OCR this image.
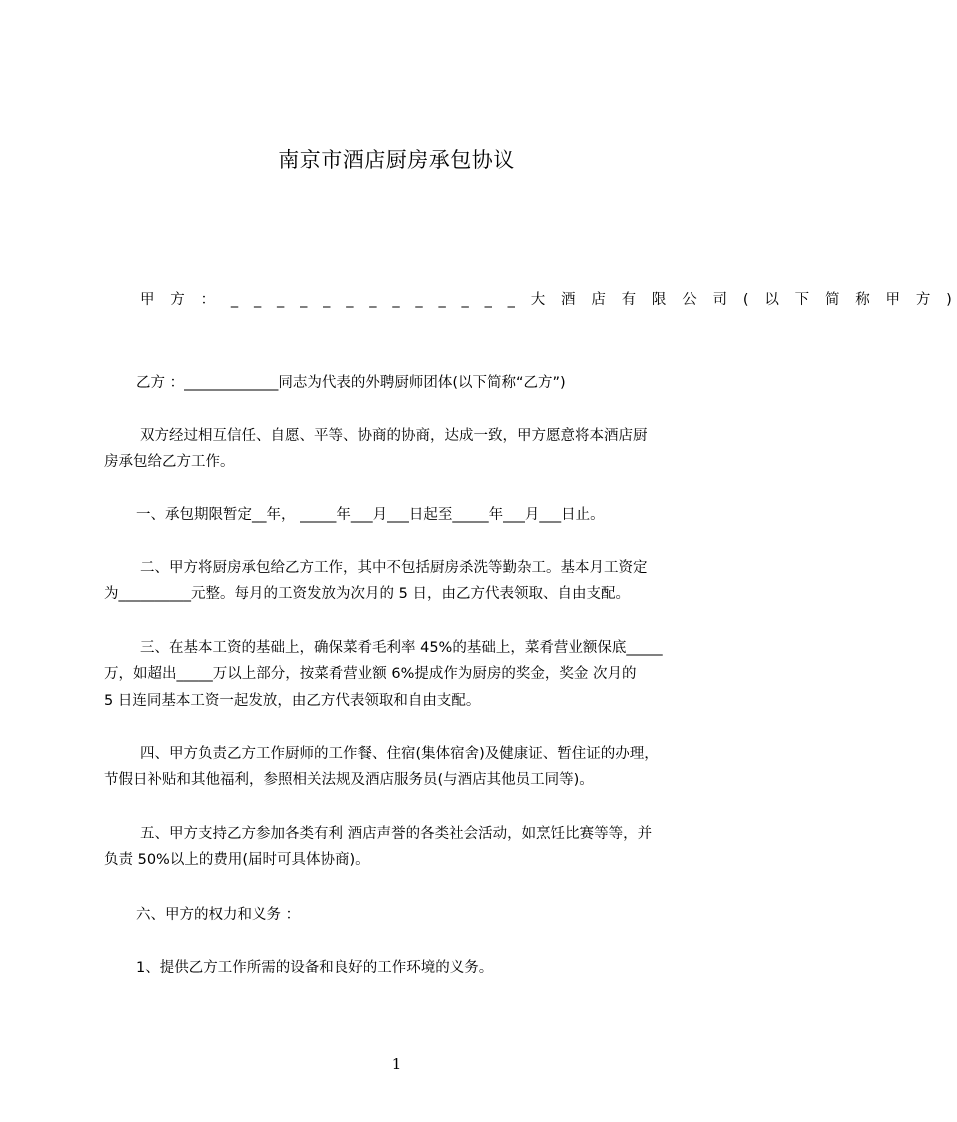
南京市酒店厨房承包协议
甲 方 ： _ _ _ _ _ _ _ _ _ _ _ _ _ 大 酒 店 有 限 公 司 ( 以 下 简 称 甲 方 )
乙方 ：_____________同志为代表的外聘厨师团体(以下简称“乙方”)
双方经过相互信任、自愿、平等、协商的协商，达成一致，甲方愿意将本酒店厨
房承包给乙方工作。
一、承包期限暂定__年， _____年___月___日起至_____年___月___日止。
二、甲方将厨房承包给乙方工作，其中不包括厨房杀洗等勤杂工。基本月工资定
为__________元整。每月的工资发放为次月的 5 日，由乙方代表领取、自由支配。
三、在基本工资的基础上，确保菜肴毛利率 45%的基础上，菜肴营业额保底_____
万，如超出_____万以上部分，按菜肴营业额 6%提成作为厨房的奖金，奖金 次月的
5 日连同基本工资一起发放，由乙方代表领取和自由支配。
四、甲方负责乙方工作厨师的工作餐、住宿(集体宿舍)及健康证、暂住证的办理，
节假日补贴和其他福利，参照相关法规及酒店服务员(与酒店其他员工同等)。
五、甲方支持乙方参加各类有利 酒店声誉的各类社会活动，如烹饪比赛等等，并
负责 50%以上的费用(届时可具体协商)。
六、甲方的权力和义务 ：
1、提供乙方工作所需的设备和良好的工作环境的义务。
1
